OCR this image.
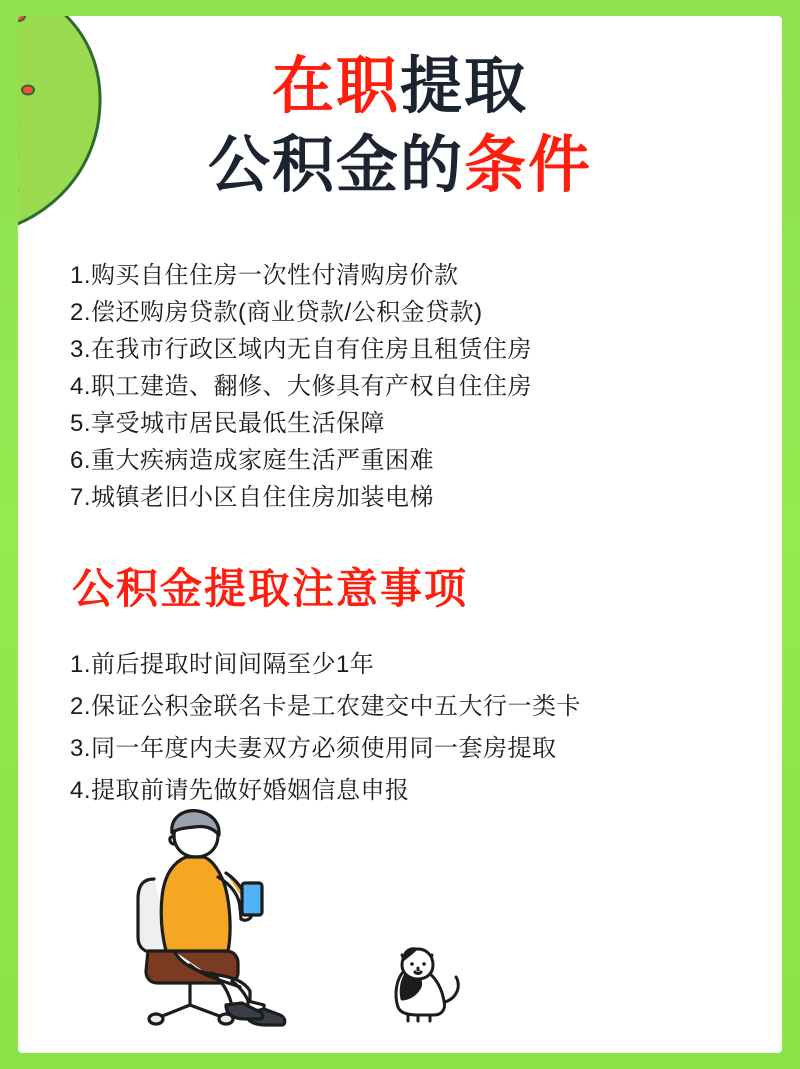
在职提取
公积金的条件
1.购买自住住房一次性付清购房价款
2.偿还购房贷款(商业贷款/公积金贷款)
3.在我市行政区域内无自有住房且租赁住房
4.职工建造、翻修、大修具有产权自住住房
5.享受城市居民最低生活保障
6.重大疾病造成家庭生活严重困难
7.城镇老旧小区自住住房加装电梯
公积金提取注意事项
1.前后提取时间间隔至少1年
2.保证公积金联名卡是工农建交中五大行一类卡
3.同一年度内夫妻双方必须使用同一套房提取
4.提取前请先做好婚姻信息申报
